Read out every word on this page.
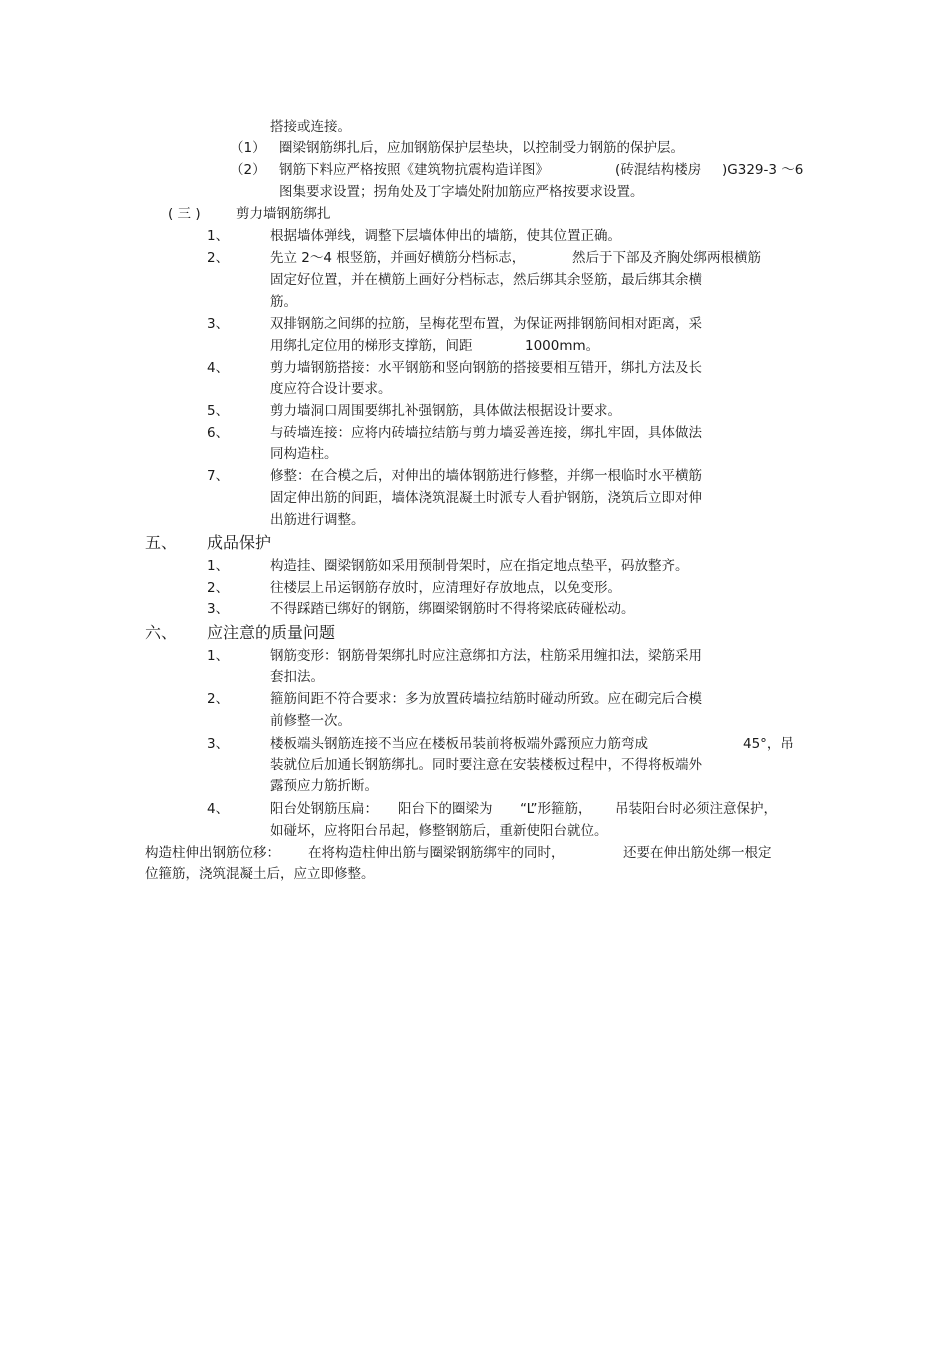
搭接或连接。
（1） 圈梁钢筋绑扎后，应加钢筋保护层垫块，以控制受力钢筋的保护层。
（2） 钢筋下料应严格按照《建筑物抗震构造详图》	(砖混结构楼房 )G329-3 ～6
图集要求设置；拐角处及丁字墙处附加筋应严格按要求设置。
( 三 )	剪力墙钢筋绑扎
1、	根据墙体弹线，调整下层墙体伸出的墙筋，使其位置正确。
2、	先立 2～4 根竖筋，并画好横筋分档标志，	然后于下部及齐胸处绑两根横筋
固定好位置，并在横筋上画好分档标志，然后绑其余竖筋，最后绑其余横
筋。
3、	双排钢筋之间绑的拉筋，呈梅花型布置，为保证两排钢筋间相对距离，采
用绑扎定位用的梯形支撑筋，间距	1000mm。
4、	剪力墙钢筋搭接：水平钢筋和竖向钢筋的搭接要相互错开，绑扎方法及长
度应符合设计要求。
5、	剪力墙洞口周围要绑扎补强钢筋，具体做法根据设计要求。
6、	与砖墙连接：应将内砖墙拉结筋与剪力墙妥善连接，绑扎牢固，具体做法
同构造柱。
7、	修整：在合模之后，对伸出的墙体钢筋进行修整，并绑一根临时水平横筋
固定伸出筋的间距，墙体浇筑混凝土时派专人看护钢筋，浇筑后立即对伸
出筋进行调整。
五、 成品保护
1、	构造挂、圈梁钢筋如采用预制骨架时，应在指定地点垫平，码放整齐。
2、	往楼层上吊运钢筋存放时，应清理好存放地点，以免变形。
3、	不得踩踏已绑好的钢筋，绑圈梁钢筋时不得将梁底砖碰松动。
六、 应注意的质量问题
1、	钢筋变形：钢筋骨架绑扎时应注意绑扣方法，柱筋采用缠扣法，梁筋采用
套扣法。
2、	箍筋间距不符合要求：多为放置砖墙拉结筋时碰动所致。应在砌完后合模
前修整一次。
3、	楼板端头钢筋连接不当应在楼板吊装前将板端外露预应力筋弯成	45°，吊
装就位后加通长钢筋绑扎。同时要注意在安装楼板过程中，不得将板端外
露预应力筋折断。
4、	阳台处钢筋压扁： 阳台下的圈梁为 “L”形箍筋， 吊装阳台时必须注意保护，
如碰坏，应将阳台吊起，修整钢筋后，重新使阳台就位。
构造柱伸出钢筋位移： 在将构造柱伸出筋与圈梁钢筋绑牢的同时，	还要在伸出筋处绑一根定
位箍筋，浇筑混凝土后，应立即修整。
